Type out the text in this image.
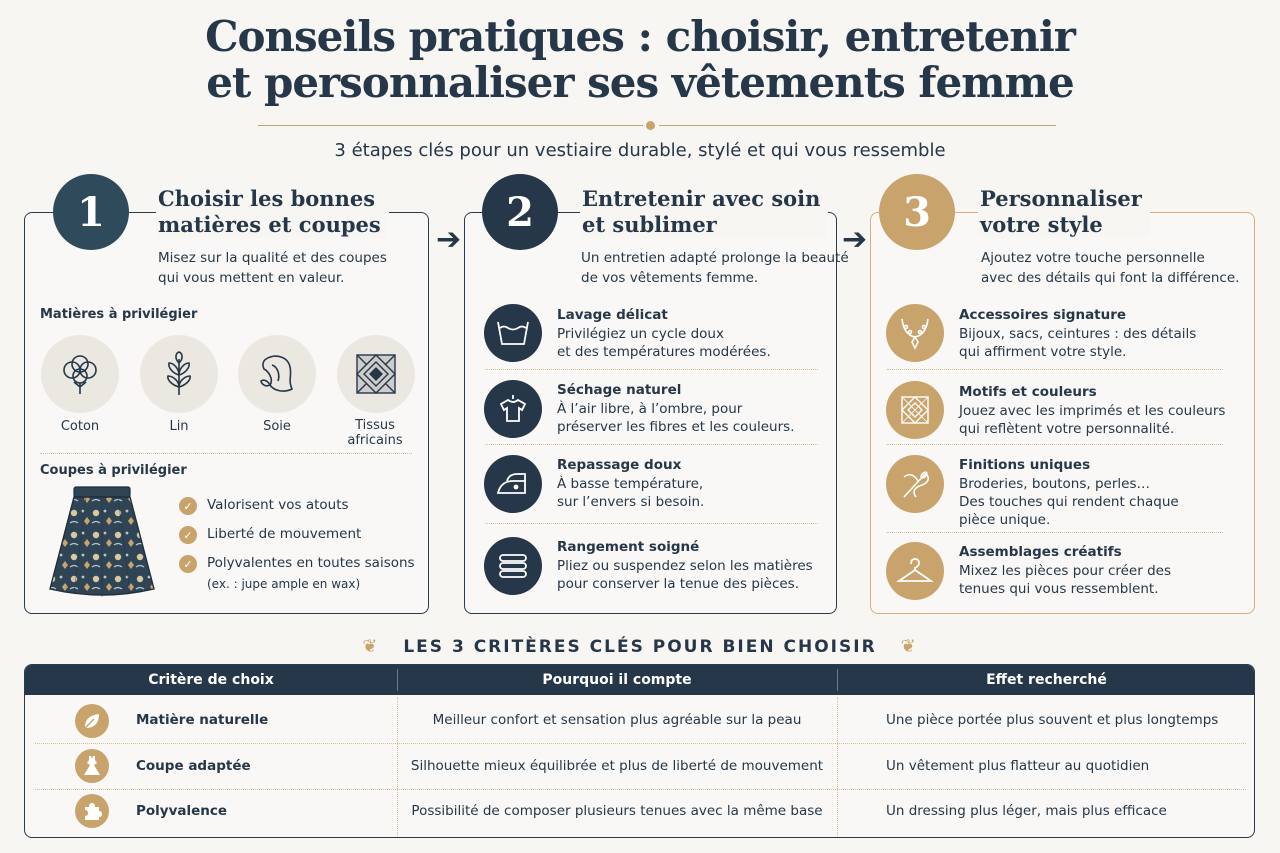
Conseils pratiques : choisir, entretenir
et personnaliser ses vêtements femme
3 étapes clés pour un vestiaire durable, stylé et qui vous ressemble
1	Choisir les bonnes
matières et coupes
Misez sur la qualité et des coupes
qui vous mettent en valeur.
Matières à privilégier
Coton	Lin	Soie	Tissus
africains
Coupes à privilégier
✓	Valorisent vos atouts
✓	Liberté de mouvement
✓	Polyvalentes en toutes saisons
(ex. : jupe ample en wax)
➔	➔
2 Entretenir avec soin
et sublimer
Un entretien adapté prolonge la beauté
de vos vêtements femme.
Lavage délicat
Privilégiez un cycle doux
et des températures modérées.
Séchage naturel
À l’air libre, à l’ombre, pour
préserver les fibres et les couleurs.
Repassage doux
À basse température,
sur l’envers si besoin.
Rangement soigné
Pliez ou suspendez selon les matières
pour conserver la tenue des pièces.
3 Personnaliser
votre style
Ajoutez votre touche personnelle
avec des détails qui font la différence.
Accessoires signature
Bijoux, sacs, ceintures : des détails
qui affirment votre style.
Motifs et couleurs
Jouez avec les imprimés et les couleurs
qui reflètent votre personnalité.
Finitions uniques
Broderies, boutons, perles…
Des touches qui rendent chaque
pièce unique.
Assemblages créatifs
Mixez les pièces pour créer des
tenues qui vous ressemblent.
❦ LES 3 CRITÈRES CLÉS POUR BIEN CHOISIR ❦
Critère de choix	Pourquoi il compte	Effet recherché
Matière naturelle	Meilleur confort et sensation plus agréable sur la peau	Une pièce portée plus souvent et plus longtemps
Coupe adaptée	Silhouette mieux équilibrée et plus de liberté de mouvement	Un vêtement plus flatteur au quotidien
Polyvalence	Possibilité de composer plusieurs tenues avec la même base	Un dressing plus léger, mais plus efficace
